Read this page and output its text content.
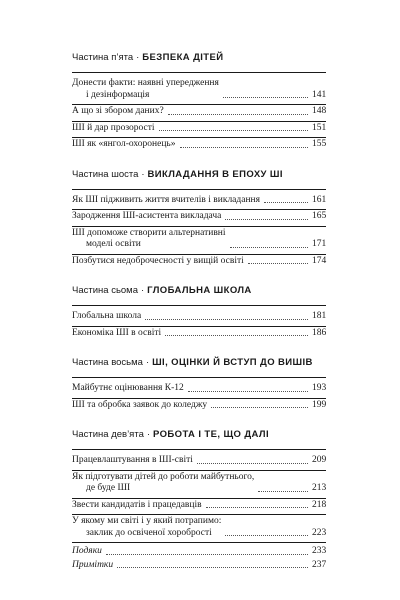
Частина п’ята · БЕЗПЕКА ДІТЕЙ
Донести факти: наявні упередження
і дезінформація	141
А що зі збором даних?	148
ШІ й дар прозорості	151
ШІ як «янгол-охоронець»	155
Частина шоста · ВИКЛАДАННЯ В ЕПОХУ ШІ
Як ШІ підживить життя вчителів і викладання	161
Зародження ШІ-асистента викладача	165
ШІ допоможе створити альтернативні
моделі освіти	171
Позбутися недоброчесності у вищій освіті	174
Частина сьома · ГЛОБАЛЬНА ШКОЛА
Глобальна школа	181
Економіка ШІ в освіті	186
Частина восьма · ШІ, ОЦІНКИ Й ВСТУП ДО ВИШІВ
Майбутнє оцінювання К-12	193
ШІ та обробка заявок до коледжу	199
Частина дев’ята · РОБОТА І ТЕ, ЩО ДАЛІ
Працевлаштування в ШІ-світі	209
Як підготувати дітей до роботи майбутнього,
де буде ШІ	213
Звести кандидатів і працедавців	218
У якому ми світі і у який потрапимо:
заклик до освіченої хоробрості	223
Подяки	233
Примітки	237
